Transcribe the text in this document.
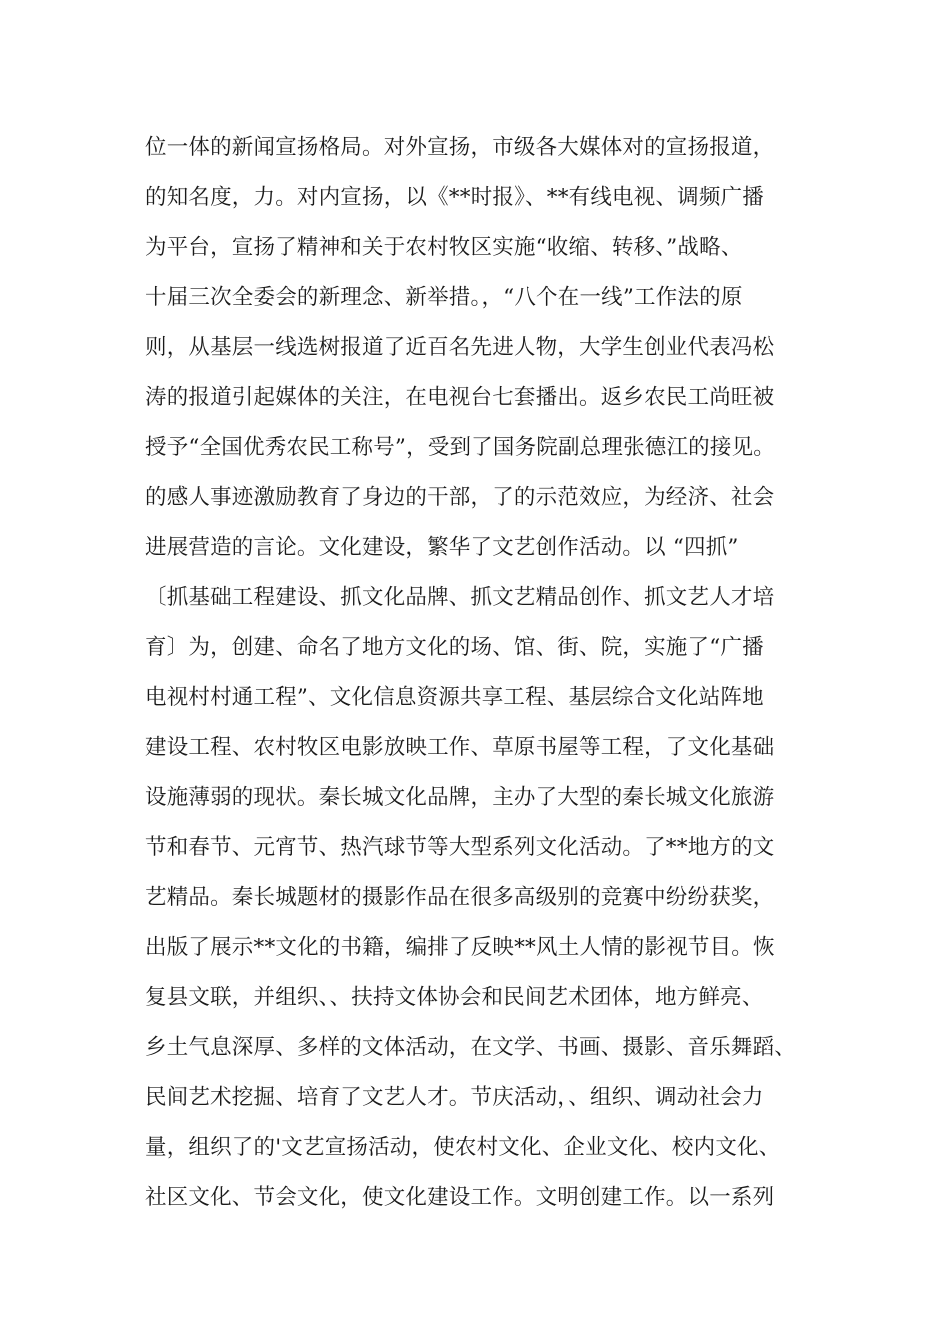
位一体的新闻宣扬格局。对外宣扬，市级各大媒体对的宣扬报道，
的知名度，力。对内宣扬，以《**时报》、**有线电视、调频广播
为平台，宣扬了精神和关于农村牧区实施“收缩、转移、”战略、
十届三次全委会的新理念、新举措。，“八个在一线”工作法的原
则，从基层一线选树报道了近百名先进人物，大学生创业代表冯松
涛的报道引起媒体的关注，在电视台七套播出。返乡农民工尚旺被
授予“全国优秀农民工称号”，受到了国务院副总理张德江的接见。
的感人事迹激励教育了身边的干部，了的示范效应，为经济、社会
进展营造的言论。文化建设，繁华了文艺创作活动。以 “四抓”
〔抓基础工程建设、抓文化品牌、抓文艺精品创作、抓文艺人才培
育〕为，创建、命名了地方文化的场、馆、街、院，实施了“广播
电视村村通工程”、文化信息资源共享工程、基层综合文化站阵地
建设工程、农村牧区电影放映工作、草原书屋等工程，了文化基础
设施薄弱的现状。秦长城文化品牌，主办了大型的秦长城文化旅游
节和春节、元宵节、热汽球节等大型系列文化活动。了**地方的文
艺精品。秦长城题材的摄影作品在很多高级别的竞赛中纷纷获奖，
出版了展示**文化的书籍，编排了反映**风土人情的影视节目。恢
复县文联，并组织、、扶持文体协会和民间艺术团体，地方鲜亮、
乡土气息深厚、多样的文体活动，在文学、书画、摄影、音乐舞蹈、
民间艺术挖掘、培育了文艺人才。节庆活动，、组织、调动社会力
量，组织了的'文艺宣扬活动，使农村文化、企业文化、校内文化、
社区文化、节会文化，使文化建设工作。文明创建工作。以一系列
